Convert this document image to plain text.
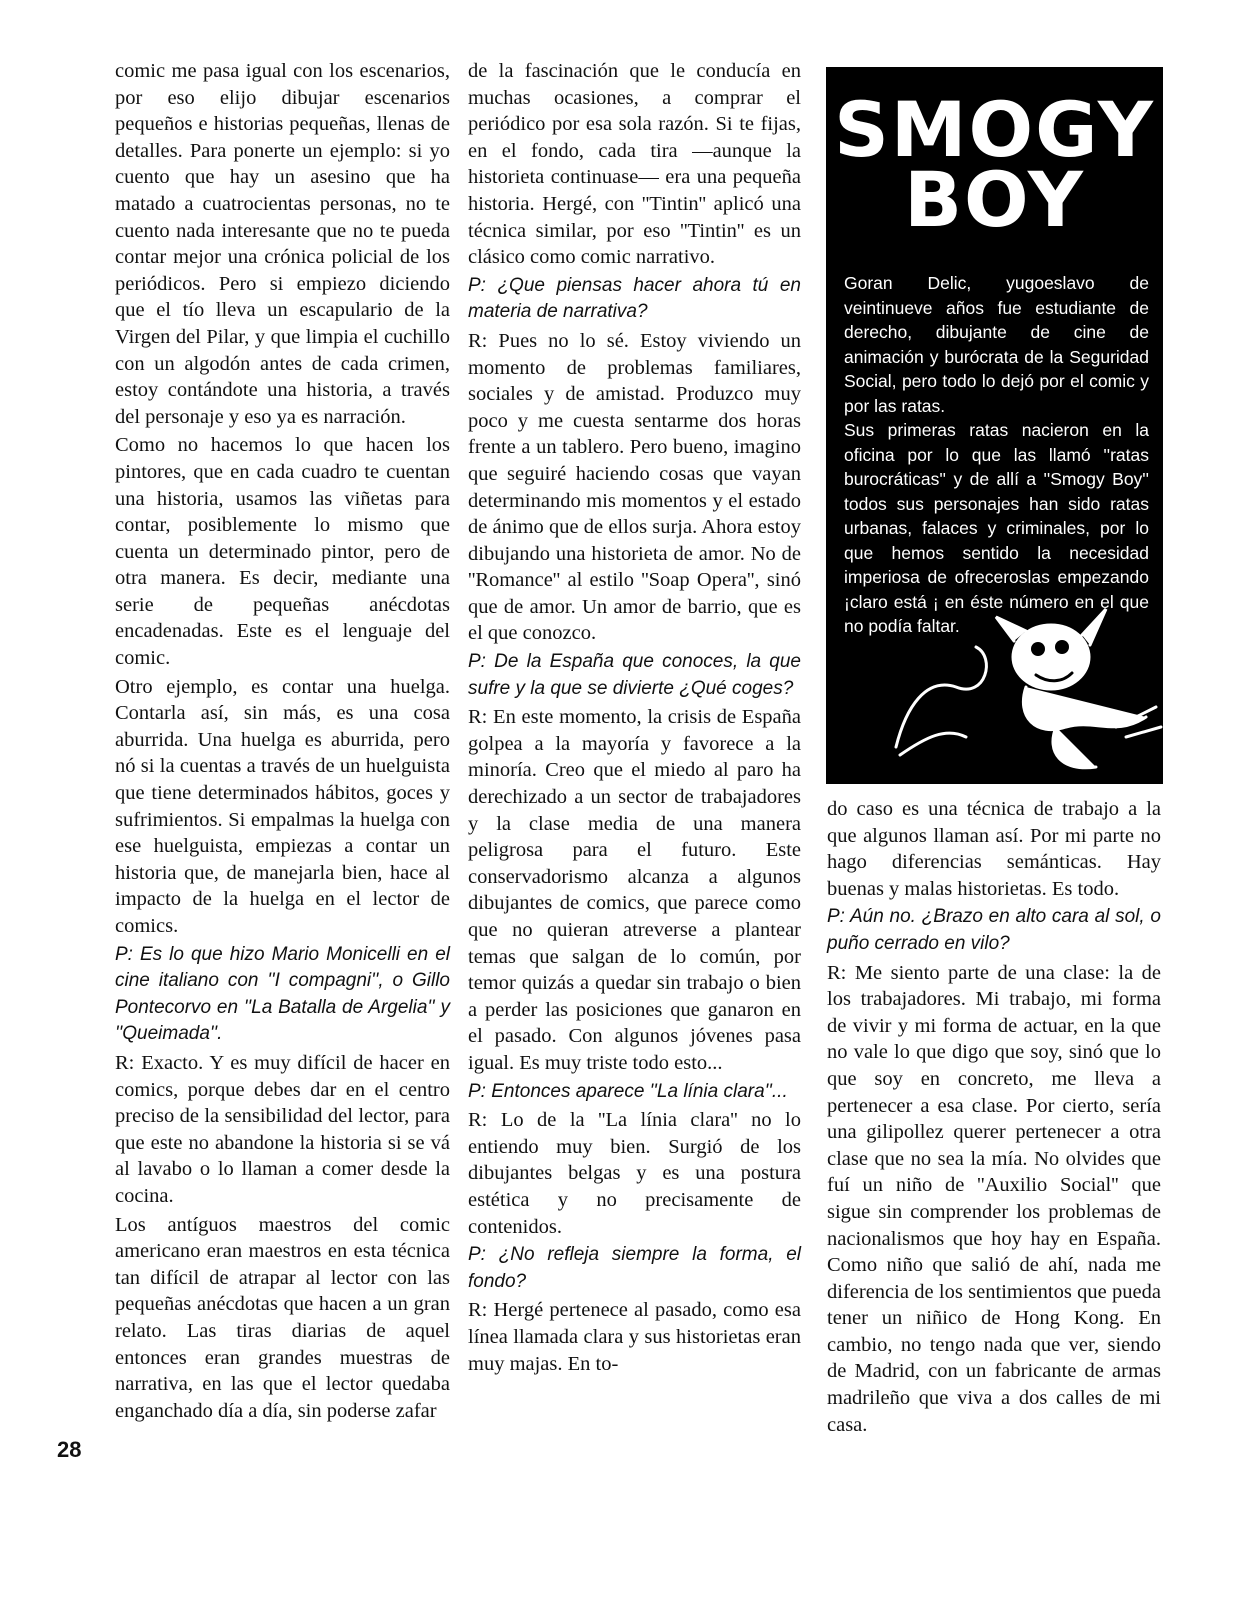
comic me pasa igual con los escenarios, por eso elijo dibujar escenarios pequeños e historias pequeñas, llenas de detalles. Para ponerte un ejemplo: si yo cuento que hay un asesino que ha matado a cuatrocientas personas, no te cuento nada interesante que no te pueda contar mejor una crónica policial de los periódicos. Pero si empiezo diciendo que el tío lleva un escapulario de la Virgen del Pilar, y que limpia el cuchillo con un algodón antes de cada crimen, estoy contándote una historia, a través del personaje y eso ya es narración.

Como no hacemos lo que hacen los pintores, que en cada cuadro te cuentan una historia, usamos las viñetas para contar, posiblemente lo mismo que cuenta un determinado pintor, pero de otra manera. Es decir, mediante una serie de pequeñas anécdotas encadenadas. Este es el lenguaje del comic.

Otro ejemplo, es contar una huelga. Contarla así, sin más, es una cosa aburrida. Una huelga es aburrida, pero nó si la cuentas a través de un huelguista que tiene determinados hábitos, goces y sufrimientos. Si empalmas la huelga con ese huelguista, empiezas a contar un historia que, de manejarla bien, hace al impacto de la huelga en el lector de comics.

P: Es lo que hizo Mario Monicelli en el cine italiano con ''I compagni'', o Gillo Pontecorvo en ''La Batalla de Argelia'' y ''Queimada''.

R: Exacto. Y es muy difícil de hacer en comics, porque debes dar en el centro preciso de la sensibilidad del lector, para que este no abandone la historia si se vá al lavabo o lo llaman a comer desde la cocina.

Los antíguos maestros del comic americano eran maestros en esta técnica tan difícil de atrapar al lector con las pequeñas anécdotas que hacen a un gran relato. Las tiras diarias de aquel entonces eran grandes muestras de narrativa, en las que el lector quedaba enganchado día a día, sin poderse zafar

de la fascinación que le conducía en muchas ocasiones, a comprar el periódico por esa sola razón. Si te fijas, en el fondo, cada tira —aunque la historieta continuase— era una pequeña historia. Hergé, con ''Tintin'' aplicó una técnica similar, por eso ''Tintin'' es un clásico como comic narrativo.

P: ¿Que piensas hacer ahora tú en materia de narrativa?

R: Pues no lo sé. Estoy viviendo un momento de problemas familiares, sociales y de amistad. Produzco muy poco y me cuesta sentarme dos horas frente a un tablero. Pero bueno, imagino que seguiré haciendo cosas que vayan determinando mis momentos y el estado de ánimo que de ellos surja. Ahora estoy dibujando una historieta de amor. No de ''Romance'' al estilo ''Soap Opera'', sinó que de amor. Un amor de barrio, que es el que conozco.

P: De la España que conoces, la que sufre y la que se divierte ¿Qué coges?

R: En este momento, la crisis de España golpea a la mayoría y favorece a la minoría. Creo que el miedo al paro ha derechizado a un sector de trabajadores y la clase media de una manera peligrosa para el futuro. Este conservadorismo alcanza a algunos dibujantes de comics, que parece como que no quieran atreverse a plantear temas que salgan de lo común, por temor quizás a quedar sin trabajo o bien a perder las posiciones que ganaron en el pasado. Con algunos jóvenes pasa igual. Es muy triste todo esto...

P: Entonces aparece ''La línia clara''...

R: Lo de la ''La línia clara'' no lo entiendo muy bien. Surgió de los dibujantes belgas y es una postura estética y no precisamente de contenidos.

P: ¿No refleja siempre la forma, el fondo?

R: Hergé pertenece al pasado, como esa línea llamada clara y sus historietas eran muy majas. En to-

SMOGY
BOY

Goran Delic, yugoeslavo de veintinueve años fue estudiante de derecho, dibujante de cine de animación y burócrata de la Seguridad Social, pero todo lo dejó por el comic y por las ratas.

Sus primeras ratas nacieron en la oficina por lo que las llamó ''ratas burocráticas'' y de allí a ''Smogy Boy'' todos sus personajes han sido ratas urbanas, falaces y criminales, por lo que hemos sentido la necesidad imperiosa de ofreceroslas empezando ¡claro está ¡ en éste número en el que no podía faltar.

do caso es una técnica de trabajo a la que algunos llaman así. Por mi parte no hago diferencias semánticas. Hay buenas y malas historietas. Es todo.

P: Aún no. ¿Brazo en alto cara al sol, o puño cerrado en vilo?

R: Me siento parte de una clase: la de los trabajadores. Mi trabajo, mi forma de vivir y mi forma de actuar, en la que no vale lo que digo que soy, sinó que lo que soy en concreto, me lleva a pertenecer a esa clase. Por cierto, sería una gilipollez querer pertenecer a otra clase que no sea la mía. No olvides que fuí un niño de ''Auxilio Social'' que sigue sin comprender los problemas de nacionalismos que hoy hay en España. Como niño que salió de ahí, nada me diferencia de los sentimientos que pueda tener un niñico de Hong Kong. En cambio, no tengo nada que ver, siendo de Madrid, con un fabricante de armas madrileño que viva a dos calles de mi casa.

28
